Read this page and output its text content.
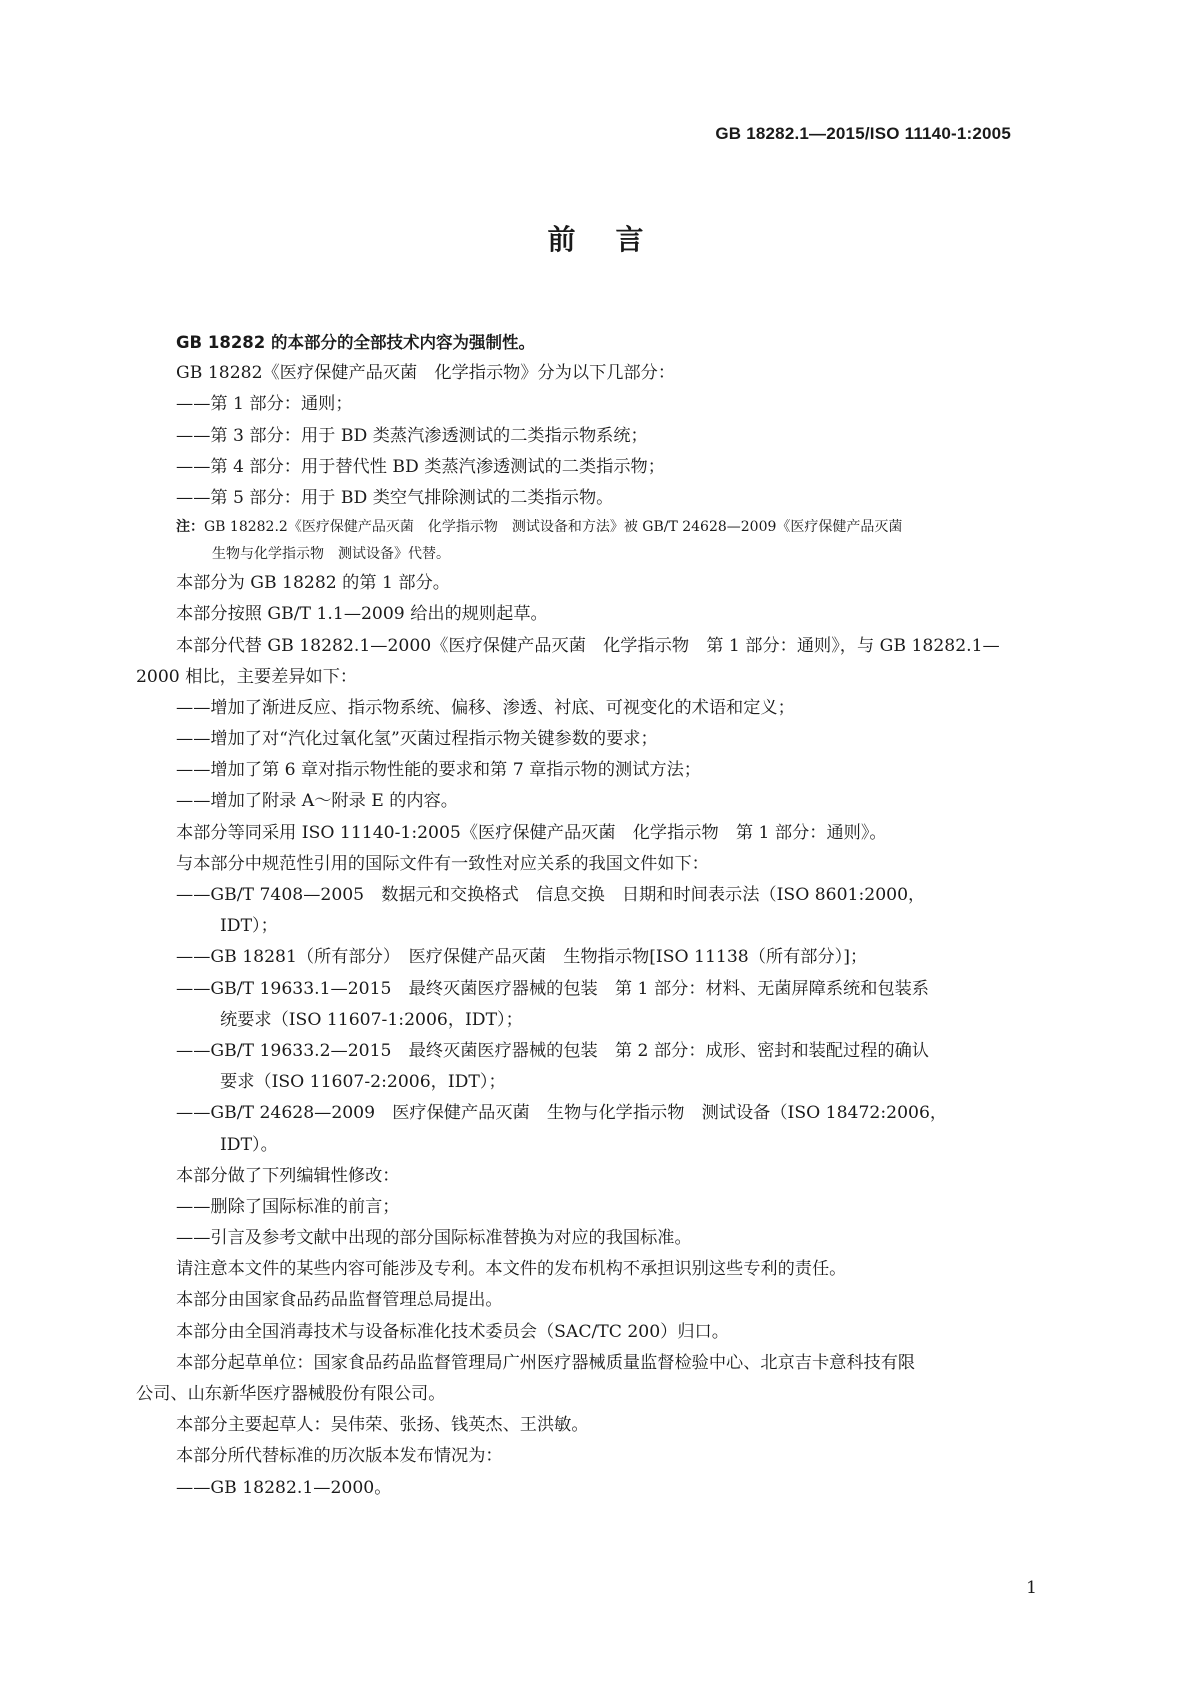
GB 18282.1—2015/ISO 11140-1:2005
前言
GB 18282 的本部分的全部技术内容为强制性。
GB 18282《医疗保健产品灭菌　化学指示物》分为以下几部分：
——第 1 部分：通则；
——第 3 部分：用于 BD 类蒸汽渗透测试的二类指示物系统；
——第 4 部分：用于替代性 BD 类蒸汽渗透测试的二类指示物；
——第 5 部分：用于 BD 类空气排除测试的二类指示物。
注：GB 18282.2《医疗保健产品灭菌　化学指示物　测试设备和方法》被 GB/T 24628—2009《医疗保健产品灭菌
生物与化学指示物　测试设备》代替。
本部分为 GB 18282 的第 1 部分。
本部分按照 GB/T 1.1—2009 给出的规则起草。
本部分代替 GB 18282.1—2000《医疗保健产品灭菌　化学指示物　第 1 部分：通则》，与 GB 18282.1—
2000 相比，主要差异如下：
——增加了渐进反应、指示物系统、偏移、渗透、衬底、可视变化的术语和定义；
——增加了对“汽化过氧化氢”灭菌过程指示物关键参数的要求；
——增加了第 6 章对指示物性能的要求和第 7 章指示物的测试方法；
——增加了附录 A～附录 E 的内容。
本部分等同采用 ISO 11140-1:2005《医疗保健产品灭菌　化学指示物　第 1 部分：通则》。
与本部分中规范性引用的国际文件有一致性对应关系的我国文件如下：
——GB/T 7408—2005　数据元和交换格式　信息交换　日期和时间表示法（ISO 8601:2000，
IDT）；
——GB 18281（所有部分）　医疗保健产品灭菌　生物指示物[ISO 11138（所有部分）]；
——GB/T 19633.1—2015　最终灭菌医疗器械的包装　第 1 部分：材料、无菌屏障系统和包装系
统要求（ISO 11607-1:2006，IDT）；
——GB/T 19633.2—2015　最终灭菌医疗器械的包装　第 2 部分：成形、密封和装配过程的确认
要求（ISO 11607-2:2006，IDT）；
——GB/T 24628—2009　医疗保健产品灭菌　生物与化学指示物　测试设备（ISO 18472:2006，
IDT）。
本部分做了下列编辑性修改：
——删除了国际标准的前言；
——引言及参考文献中出现的部分国际标准替换为对应的我国标准。
请注意本文件的某些内容可能涉及专利。本文件的发布机构不承担识别这些专利的责任。
本部分由国家食品药品监督管理总局提出。
本部分由全国消毒技术与设备标准化技术委员会（SAC/TC 200）归口。
本部分起草单位：国家食品药品监督管理局广州医疗器械质量监督检验中心、北京吉卡意科技有限
公司、山东新华医疗器械股份有限公司。
本部分主要起草人：吴伟荣、张扬、钱英杰、王洪敏。
本部分所代替标准的历次版本发布情况为：
——GB 18282.1—2000。
1
